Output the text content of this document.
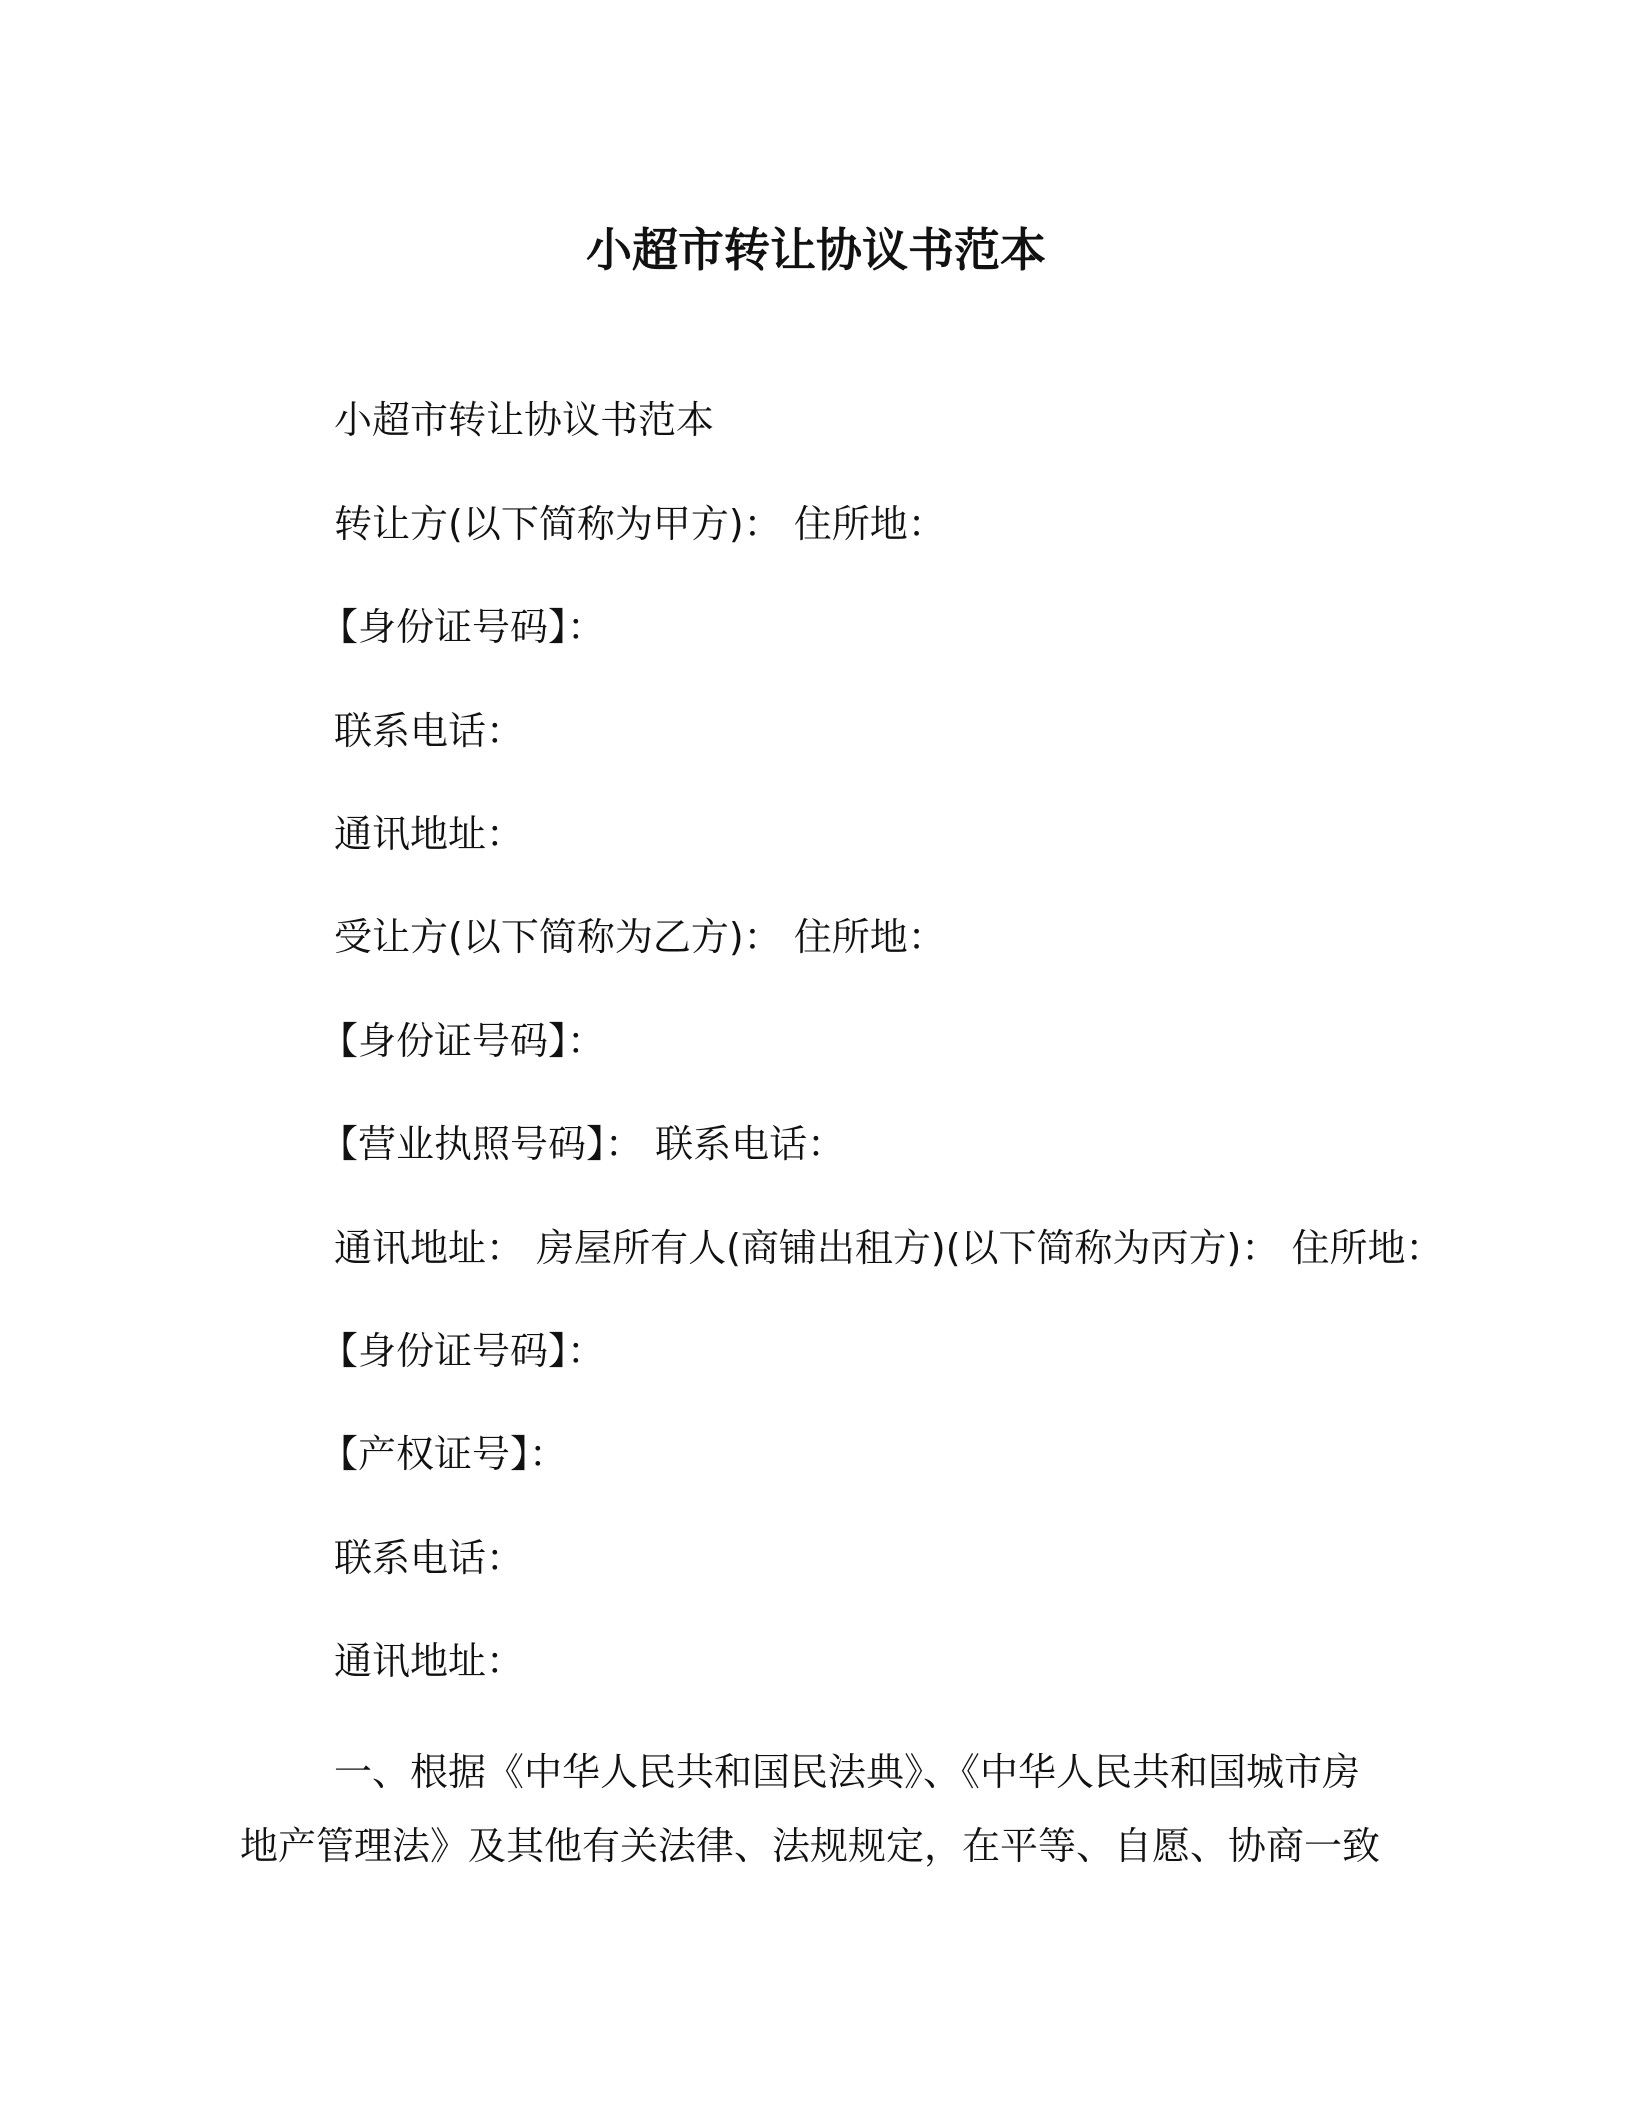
小超市转让协议书范本

小超市转让协议书范本

转让方(以下简称为甲方)： 住所地：

【身份证号码】：

联系电话：

通讯地址：

受让方(以下简称为乙方)： 住所地：

【身份证号码】：

【营业执照号码】： 联系电话：

通讯地址： 房屋所有人(商铺出租方)(以下简称为丙方)： 住所地：

【身份证号码】：

【产权证号】：

联系电话：

通讯地址：

一、根据《中华人民共和国民法典》、《中华人民共和国城市房
地产管理法》及其他有关法律、法规规定，在平等、自愿、协商一致
